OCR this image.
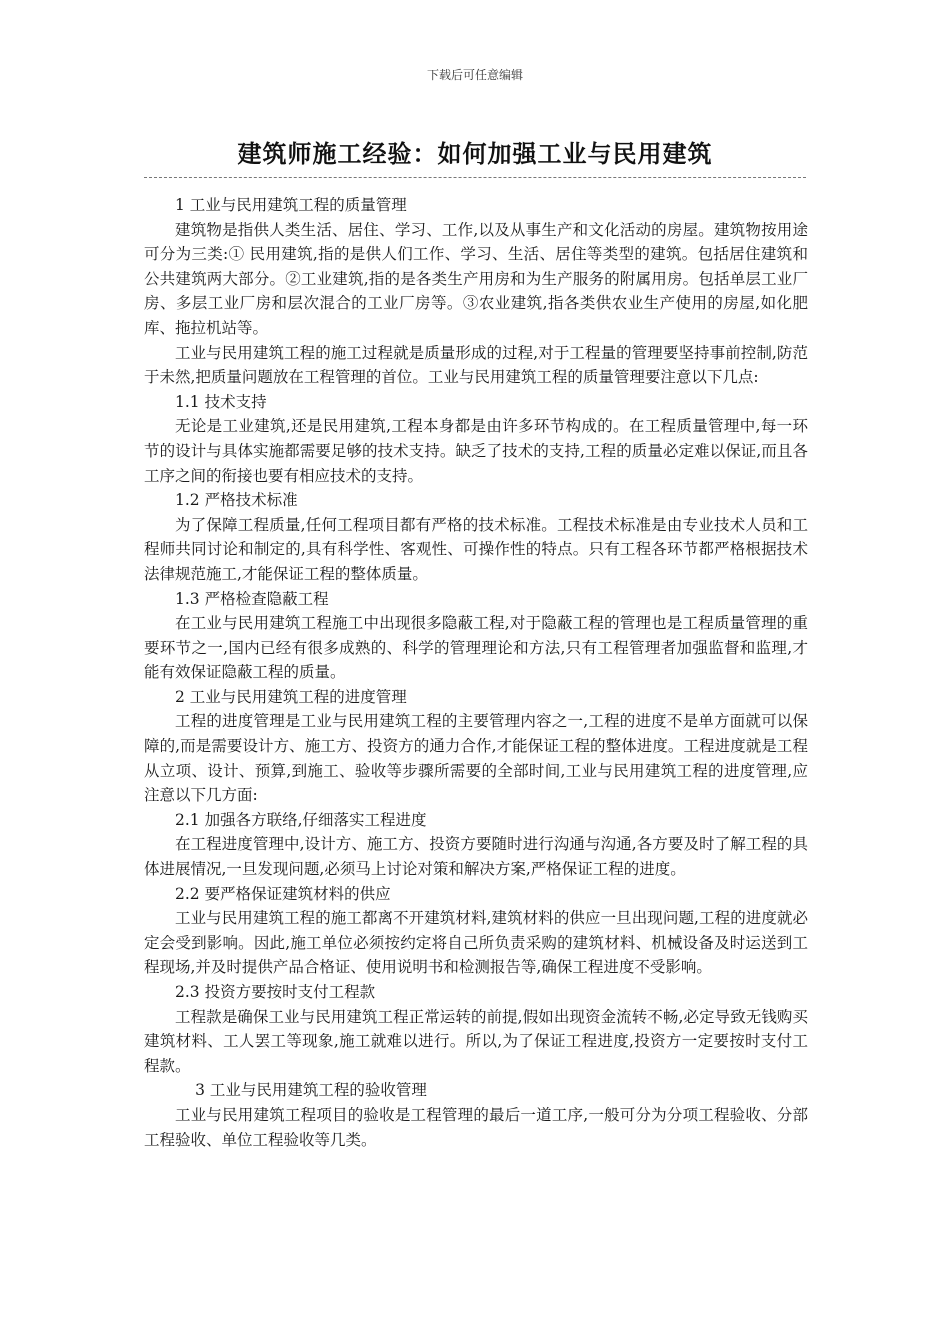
下载后可任意编辑
建筑师施工经验：如何加强工业与民用建筑

1 工业与民用建筑工程的质量管理

建筑物是指供人类生活、居住、学习、工作,以及从事生产和文化活动的房屋。建筑物按用途可分为三类:① 民用建筑,指的是供人们工作、学习、生活、居住等类型的建筑。包括居住建筑和公共建筑两大部分。②工业建筑,指的是各类生产用房和为生产服务的附属用房。包括单层工业厂房、多层工业厂房和层次混合的工业厂房等。③农业建筑,指各类供农业生产使用的房屋,如化肥库、拖拉机站等。

工业与民用建筑工程的施工过程就是质量形成的过程,对于工程量的管理要坚持事前控制,防范于未然,把质量问题放在工程管理的首位。工业与民用建筑工程的质量管理要注意以下几点:

1.1 技术支持

无论是工业建筑,还是民用建筑,工程本身都是由许多环节构成的。在工程质量管理中,每一环节的设计与具体实施都需要足够的技术支持。缺乏了技术的支持,工程的质量必定难以保证,而且各工序之间的衔接也要有相应技术的支持。

1.2 严格技术标准

为了保障工程质量,任何工程项目都有严格的技术标准。工程技术标准是由专业技术人员和工程师共同讨论和制定的,具有科学性、客观性、可操作性的特点。只有工程各环节都严格根据技术法律规范施工,才能保证工程的整体质量。

1.3 严格检查隐蔽工程

在工业与民用建筑工程施工中出现很多隐蔽工程,对于隐蔽工程的管理也是工程质量管理的重要环节之一,国内已经有很多成熟的、科学的管理理论和方法,只有工程管理者加强监督和监理,才能有效保证隐蔽工程的质量。

2 工业与民用建筑工程的进度管理

工程的进度管理是工业与民用建筑工程的主要管理内容之一,工程的进度不是单方面就可以保障的,而是需要设计方、施工方、投资方的通力合作,才能保证工程的整体进度。工程进度就是工程从立项、设计、预算,到施工、验收等步骤所需要的全部时间,工业与民用建筑工程的进度管理,应注意以下几方面:

2.1 加强各方联络,仔细落实工程进度

在工程进度管理中,设计方、施工方、投资方要随时进行沟通与沟通,各方要及时了解工程的具体进展情况,一旦发现问题,必须马上讨论对策和解决方案,严格保证工程的进度。

2.2 要严格保证建筑材料的供应

工业与民用建筑工程的施工都离不开建筑材料,建筑材料的供应一旦出现问题,工程的进度就必定会受到影响。因此,施工单位必须按约定将自己所负责采购的建筑材料、机械设备及时运送到工程现场,并及时提供产品合格证、使用说明书和检测报告等,确保工程进度不受影响。

2.3 投资方要按时支付工程款

工程款是确保工业与民用建筑工程正常运转的前提,假如出现资金流转不畅,必定导致无钱购买建筑材料、工人罢工等现象,施工就难以进行。所以,为了保证工程进度,投资方一定要按时支付工程款。

3 工业与民用建筑工程的验收管理

工业与民用建筑工程项目的验收是工程管理的最后一道工序,一般可分为分项工程验收、分部工程验收、单位工程验收等几类。
